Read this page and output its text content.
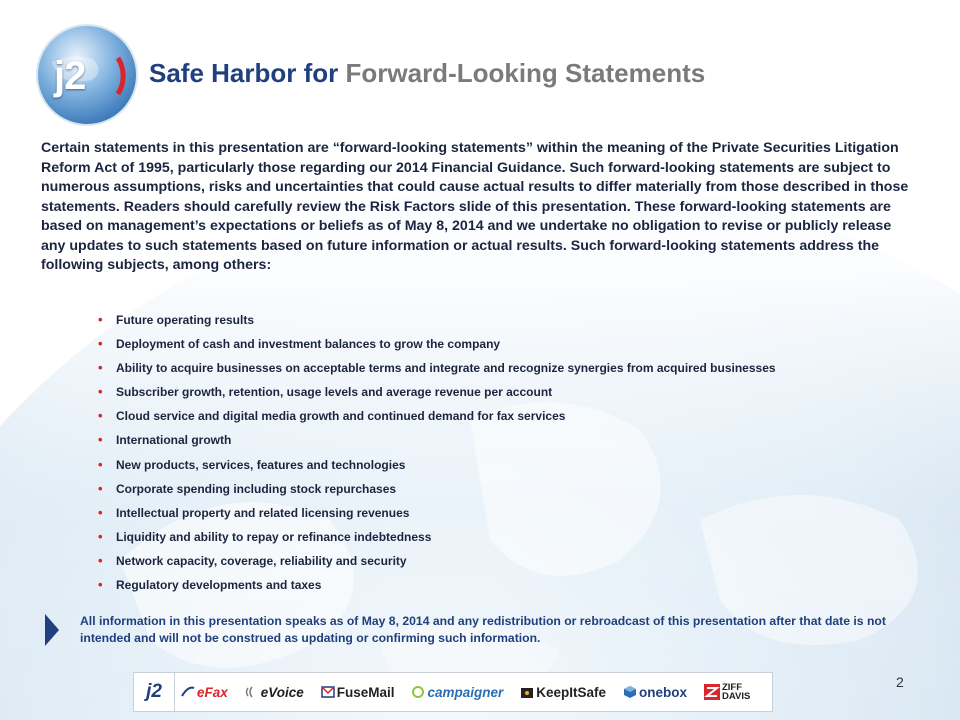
j2 Safe Harbor for Forward-Looking Statements

Certain statements in this presentation are “forward-looking statements” within the meaning of the Private Securities Litigation Reform Act of 1995, particularly those regarding our 2014 Financial Guidance. Such forward-looking statements are subject to numerous assumptions, risks and uncertainties that could cause actual results to differ materially from those described in those statements. Readers should carefully review the Risk Factors slide of this presentation. These forward-looking statements are based on management’s expectations or beliefs as of May 8, 2014 and we undertake no obligation to revise or publicly release any updates to such statements based on future information or actual results. Such forward-looking statements address the following subjects, among others:

• Future operating results
• Deployment of cash and investment balances to grow the company
• Ability to acquire businesses on acceptable terms and integrate and recognize synergies from acquired businesses
• Subscriber growth, retention, usage levels and average revenue per account
• Cloud service and digital media growth and continued demand for fax services
• International growth
• New products, services, features and technologies
• Corporate spending including stock repurchases
• Intellectual property and related licensing revenues
• Liquidity and ability to repay or refinance indebtedness
• Network capacity, coverage, reliability and security
• Regulatory developments and taxes

All information in this presentation speaks as of May 8, 2014 and any redistribution or rebroadcast of this presentation after that date is not intended and will not be construed as updating or confirming such information.

j2	eFax eVoice FuseMail campaigner KeepItSafe onebox	ZIFF DAVIS

2
